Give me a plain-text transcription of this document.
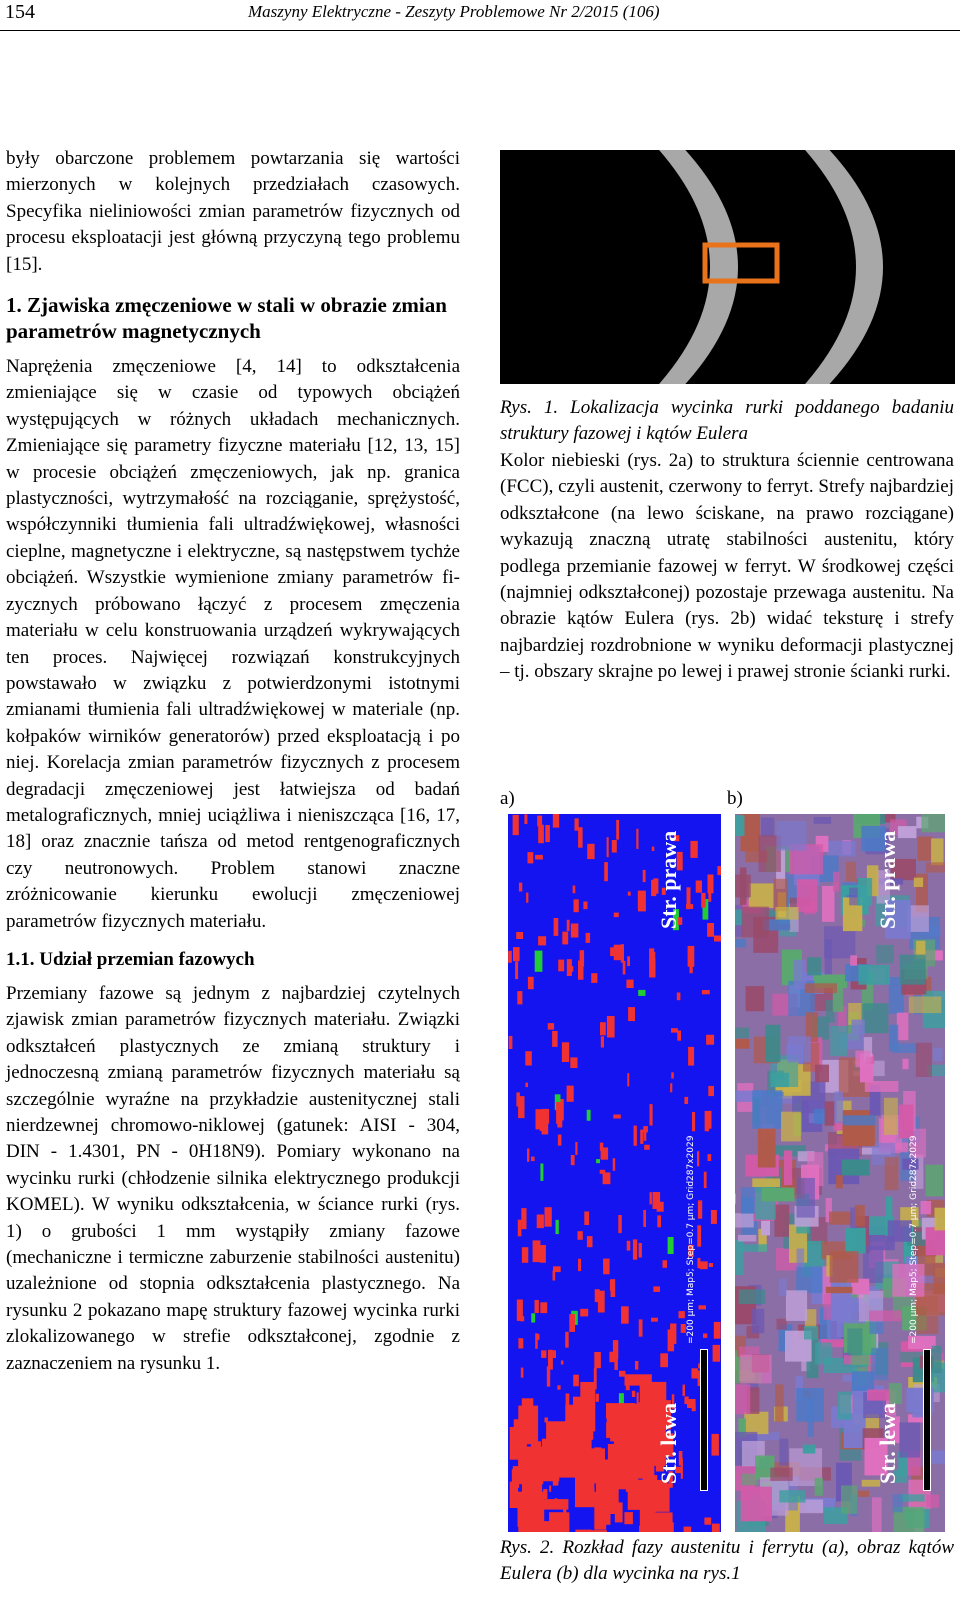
154	Maszyny Elektryczne - Zeszyty Problemowe Nr 2/2015 (106)

były obarczone problemem powtarzania się wartości mierzonych w kolejnych przedziałach czasowych. Specyfika nieliniowości zmian parametrów fizycznych od procesu eksploatacji jest główną przyczyną tego problemu [15].

1. Zjawiska zmęczeniowe w stali w obrazie zmian parametrów magnetycznych

Naprężenia zmęczeniowe [4, 14] to odkształcenia zmieniające się w czasie od typowych obciążeń występujących w różnych układach mechanicznych. Zmieniające się parametry fizyczne materiału [12, 13, 15] w procesie obciążeń zmęczeniowych, jak np. granica plastyczności, wytrzymałość na rozciąganie, sprężystość, współczynniki tłumienia fali ultradźwiękowej, własności cieplne, magnetyczne i elektryczne, są następstwem tychże obciążeń. Wszystkie wymienione zmiany parametrów fizycznych próbowano łączyć z procesem zmęczenia materiału w celu konstruowania urządzeń wykrywających ten proces. Najwięcej rozwiązań konstrukcyjnych powstawało w związku z potwierdzonymi istotnymi zmianami tłumienia fali ultradźwiękowej w materiale (np. kołpaków wirników generatorów) przed eksploatacją i po niej. Korelacja zmian parametrów fizycznych z procesem degradacji zmęczeniowej jest łatwiejsza od badań metalograficznych, mniej uciążliwa i nieniszcząca [16, 17, 18] oraz znacznie tańsza od metod rentgenograficznych czy neutronowych. Problem stanowi znaczne zróżnicowanie kierunku ewolucji zmęczeniowej parametrów fizycznych materiału.

1.1. Udział przemian fazowych

Przemiany fazowe są jednym z najbardziej czytelnych zjawisk zmian parametrów fizycznych materiału. Związki odkształceń plastycznych ze zmianą struktury i jednoczesną zmianą parametrów fizycznych materiału są szczególnie wyraźne na przykładzie austenitycznej stali nierdzewnej chromowo-niklowej (gatunek: AISI - 304, DIN - 1.4301, PN - 0H18N9). Pomiary wykonano na wycinku rurki (chłodzenie silnika elektrycznego produkcji KOMEL). W wyniku odkształcenia, w ściance rurki (rys. 1) o grubości 1 mm wystąpiły zmiany fazowe (mechaniczne i termiczne zaburzenie stabilności austenitu) uzależnione od stopnia odkształcenia plastycznego. Na rysunku 2 pokazano mapę struktury fazowej wycinka rurki zlokalizowanego w strefie odkształconej, zgodnie z zaznaczeniem na rysunku 1.

Rys. 1. Lokalizacja wycinka rurki poddanego badaniu struktury fazowej i kątów Eulera

Kolor niebieski (rys. 2a) to struktura ściennie centrowana (FCC), czyli austenit, czerwony to ferryt. Strefy najbardziej odkształcone (na lewo ściskane, na prawo rozciągane) wykazują znaczną utratę stabilności austenitu, który podlega przemianie fazowej w ferryt. W środkowej części (najmniej odkształconej) pozostaje przewaga austenitu. Na obrazie kątów Eulera (rys. 2b) widać teksturę i strefy najbardziej rozdrobnione w wyniku deformacji plastycznej – tj. obszary skrajne po lewej i prawej stronie ścianki rurki.

a)	b)
Str. prawa
Str. lewa
=200 µm; Map5; Step=0.7 µm; Grid287x2029
Str. prawa
Str. lewa
=200 µm; Map5; Step=0.7 µm; Grid287x2029
Rys. 2. Rozkład fazy austenitu i ferrytu (a), obraz kątów Eulera (b) dla wycinka na rys.1
